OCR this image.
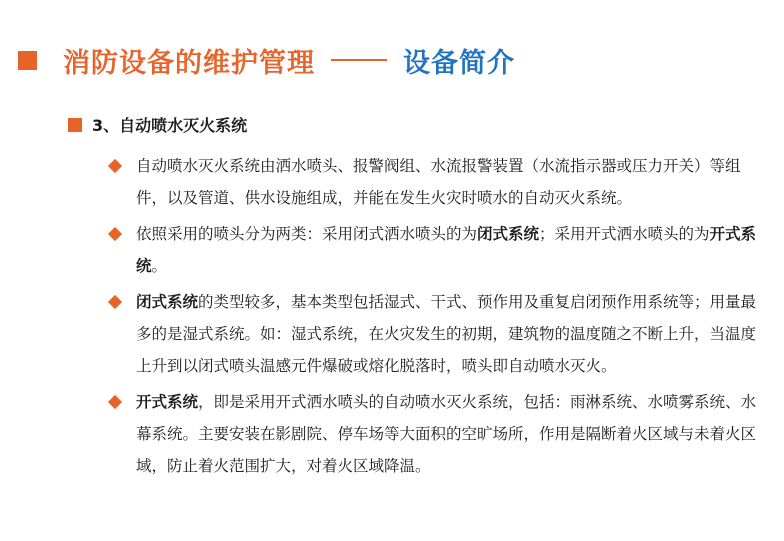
消防设备的维护管理	设备简介
3、自动喷水灭火系统
自动喷水灭火系统由洒水喷头、报警阀组、水流报警装置（水流指示器或压力开关）等组件，以及管道、供水设施组成，并能在发生火灾时喷水的自动灭火系统。
依照采用的喷头分为两类：采用闭式洒水喷头的为闭式系统；采用开式洒水喷头的为开式系统。
闭式系统的类型较多，基本类型包括湿式、干式、预作用及重复启闭预作用系统等；用量最多的是湿式系统。如：湿式系统，在火灾发生的初期，建筑物的温度随之不断上升，当温度上升到以闭式喷头温感元件爆破或熔化脱落时，喷头即自动喷水灭火。
开式系统，即是采用开式洒水喷头的自动喷水灭火系统，包括：雨淋系统、水喷雾系统、水幕系统。主要安装在影剧院、停车场等大面积的空旷场所，作用是隔断着火区域与未着火区域，防止着火范围扩大，对着火区域降温。
